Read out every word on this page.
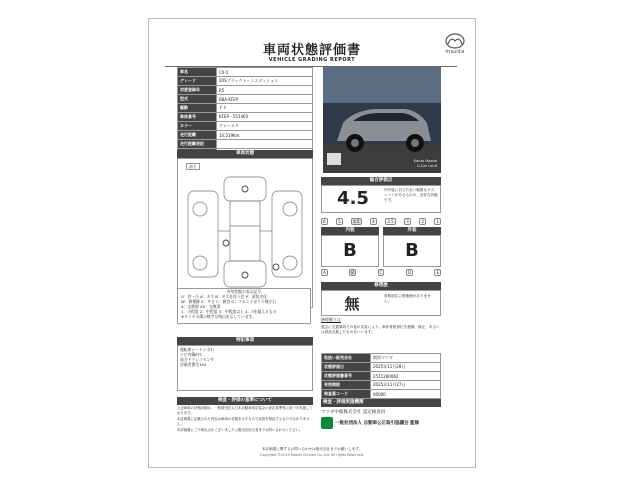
車両状態評価書
VEHICLE GRADING REPORT
mazda
車名	CX-5
グレード	20Sブラックトーンエディション
初度登録年	R5
型式	6BA-KFEP
駆動	ＦＦ
車体番号	KFEP－551465
カラー	グレーメタ
走行距離	10,519Km
走行距離表記	

車両状態
前方
外装状態の表示記号
U：凹・凸 A：キズ B：キズを伴う凹 P：塗装劣化
W：修理跡 S：サビ C：腐食 G：フロントガラス飛び石
X：交換要 XX：交換済
1：小程度 2：中程度 3：中程度以上 4：3を超えるもの
※タイヤの溝の数字は残山を示しています。
特記事項
運転席シートシボれ
ナビ内蔵ETC
前方ドラレコセンサ
評価者番号144
検査・評価の基準について
上記車両の状態評価は、一般財団法人日本自動車査定協会の査定基準等に基づき実施しております。
本証明書に記載された内容は車両の状態を示すもので品質を保証するものではありません。
本評価書にご不明な点がございましたら販売店担当者までお問い合わせください。
Kanto Mazda
U-Car Land
総合評価点
4.5	内外装に目立たない軽微なキズ、ヘコミがあるものの、良好な状態です。
6	5	4.5	4	3.5	3	2	1
内装	外装
B	B
A	B	C	D	E
修復歴
無	骨格部位に修復歴がありません。
修理歴とは
過去に交通事故その他の災害により、車体骨格部位を損傷、修正、あるいは部品交換したものをいいます。
取扱い販売会社	関西マツダ
状態評価日	2025年11月28日
状態評価書番号	2511280062
有効期限	2025年11月27日
検査員コード	00000
検査・評価実施機関
マツダ中販株式会社 認定検査員
一般社団法人 自動車公正取引協議会 監修
本評価書に関するお問い合わせは販売会社までお願いします。
Copyright ©2019 Mazda Chuhan Co.,Ltd. All rights Reserved.
